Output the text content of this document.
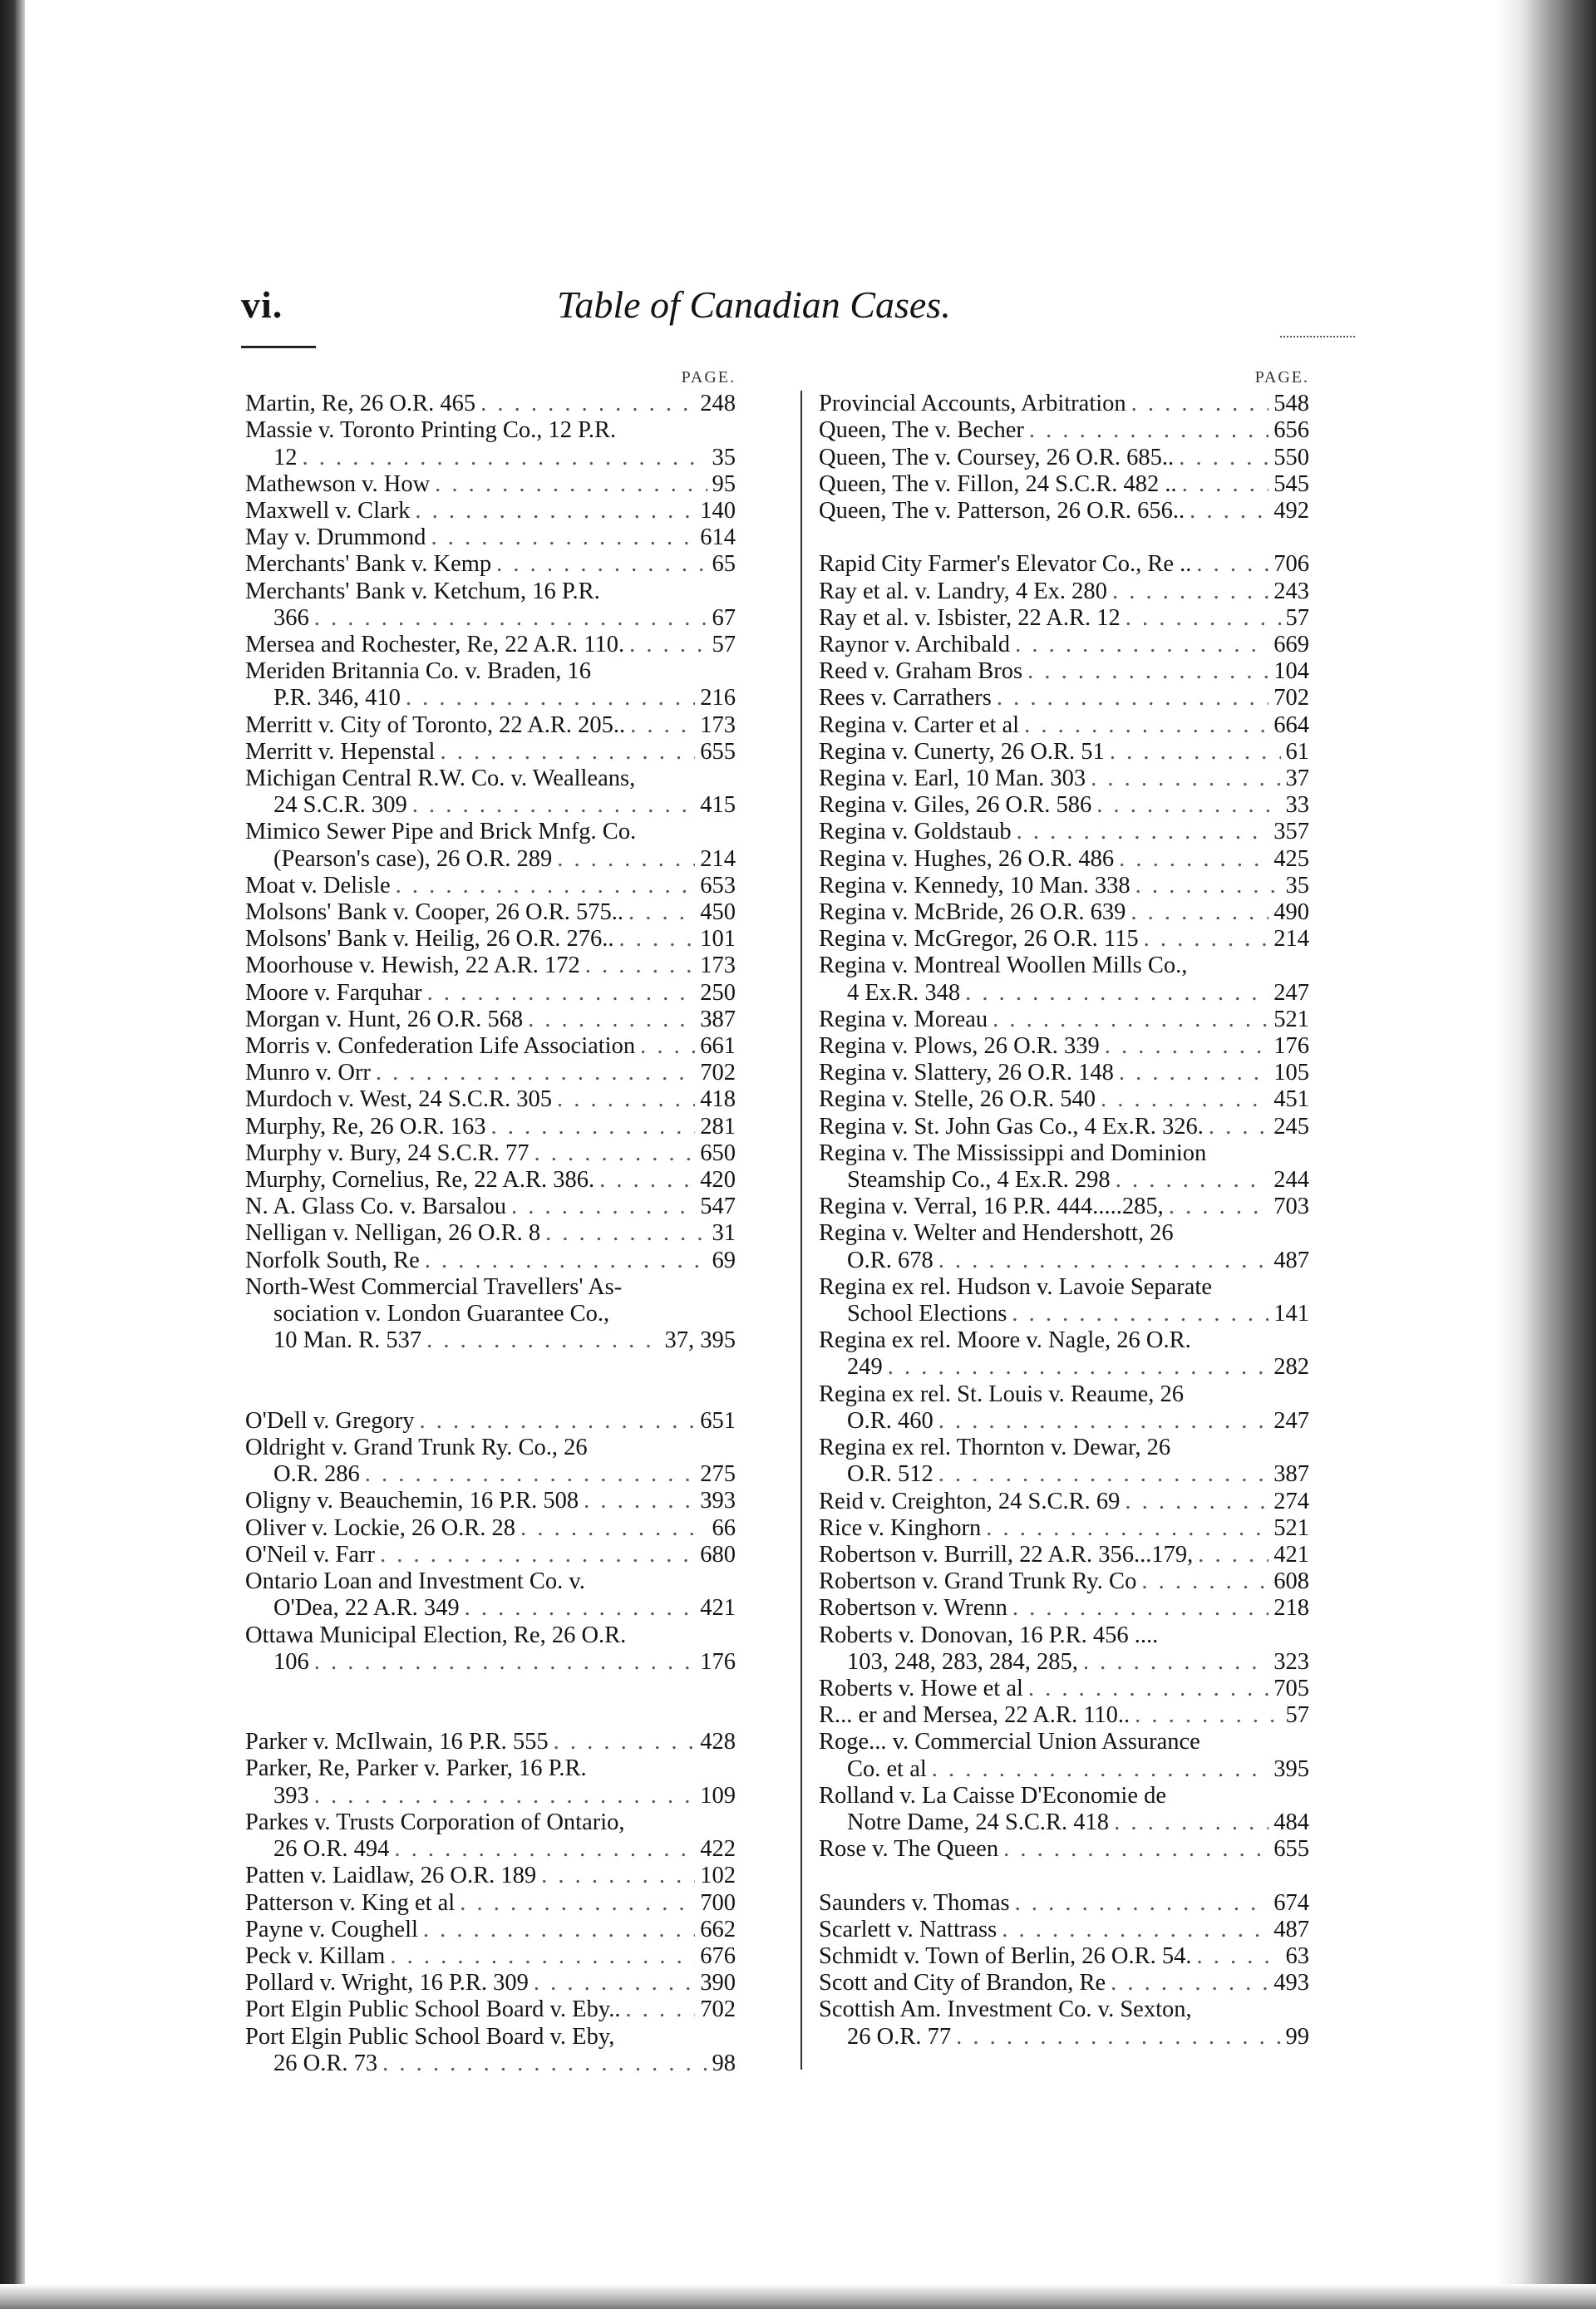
vi.	Table of Canadian Cases.
PAGE.
Martin, Re, 26 O.R. 465 . . .	248
Massie v. Toronto Printing Co., 12 P.R.
12 . . .	35
Mathewson v. How . . .	95
Maxwell v. Clark . . .	140
May v. Drummond . . .	614
Merchants' Bank v. Kemp . . .	65
Merchants' Bank v. Ketchum, 16 P.R.
366 . . .	67
Mersea and Rochester, Re, 22 A.R. 110. . . .	57
Meriden Britannia Co. v. Braden, 16
P.R. 346, 410 . . .	216
Merritt v. City of Toronto, 22 A.R. 205.. . . .	173
Merritt v. Hepenstal . . .	655
Michigan Central R.W. Co. v. Wealleans,
24 S.C.R. 309 . . .	415
Mimico Sewer Pipe and Brick Mnfg. Co.
(Pearson's case), 26 O.R. 289 . . .	214
Moat v. Delisle . . .	653
Molsons' Bank v. Cooper, 26 O.R. 575.. . . .	450
Molsons' Bank v. Heilig, 26 O.R. 276.. . . .	101
Moorhouse v. Hewish, 22 A.R. 172 . . .	173
Moore v. Farquhar . . .	250
Morgan v. Hunt, 26 O.R. 568 . . .	387
Morris v. Confederation Life Association . . .	661
Munro v. Orr . . .	702
Murdoch v. West, 24 S.C.R. 305 . . .	418
Murphy, Re, 26 O.R. 163 . . .	281
Murphy v. Bury, 24 S.C.R. 77 . . .	650
Murphy, Cornelius, Re, 22 A.R. 386. . . .	420
N. A. Glass Co. v. Barsalou . . .	547
Nelligan v. Nelligan, 26 O.R. 8 . . .	31
Norfolk South, Re . . .	69
North-West Commercial Travellers' As-
sociation v. London Guarantee Co.,
10 Man. R. 537 . . .	37, 395
O'Dell v. Gregory . . .	651
Oldright v. Grand Trunk Ry. Co., 26
O.R. 286 . . .	275
Oligny v. Beauchemin, 16 P.R. 508 . . .	393
Oliver v. Lockie, 26 O.R. 28 . . .	66
O'Neil v. Farr . . .	680
Ontario Loan and Investment Co. v.
O'Dea, 22 A.R. 349 . . .	421
Ottawa Municipal Election, Re, 26 O.R.
106 . . .	176
Parker v. McIlwain, 16 P.R. 555 . . .	428
Parker, Re, Parker v. Parker, 16 P.R.
393 . . .	109
Parkes v. Trusts Corporation of Ontario,
26 O.R. 494 . . .	422
Patten v. Laidlaw, 26 O.R. 189 . . .	102
Patterson v. King et al . . .	700
Payne v. Coughell . . .	662
Peck v. Killam . . .	676
Pollard v. Wright, 16 P.R. 309 . . .	390
Port Elgin Public School Board v. Eby.. . . .	702
Port Elgin Public School Board v. Eby,
26 O.R. 73 . . .	98
PAGE.
Provincial Accounts, Arbitration . . .	548
Queen, The v. Becher . . .	656
Queen, The v. Coursey, 26 O.R. 685.. . . .	550
Queen, The v. Fillon, 24 S.C.R. 482 .. . . .	545
Queen, The v. Patterson, 26 O.R. 656.. . . .	492
Rapid City Farmer's Elevator Co., Re .. . . .	706
Ray et al. v. Landry, 4 Ex. 280 . . .	243
Ray et al. v. Isbister, 22 A.R. 12 . . .	57
Raynor v. Archibald . . .	669
Reed v. Graham Bros . . .	104
Rees v. Carrathers . . .	702
Regina v. Carter et al . . .	664
Regina v. Cunerty, 26 O.R. 51 . . .	61
Regina v. Earl, 10 Man. 303 . . .	37
Regina v. Giles, 26 O.R. 586 . . .	33
Regina v. Goldstaub . . .	357
Regina v. Hughes, 26 O.R. 486 . . .	425
Regina v. Kennedy, 10 Man. 338 . . .	35
Regina v. McBride, 26 O.R. 639 . . .	490
Regina v. McGregor, 26 O.R. 115 . . .	214
Regina v. Montreal Woollen Mills Co.,
4 Ex.R. 348 . . .	247
Regina v. Moreau . . .	521
Regina v. Plows, 26 O.R. 339 . . .	176
Regina v. Slattery, 26 O.R. 148 . . .	105
Regina v. Stelle, 26 O.R. 540 . . .	451
Regina v. St. John Gas Co., 4 Ex.R. 326. . . .	245
Regina v. The Mississippi and Dominion
Steamship Co., 4 Ex.R. 298 . . .	244
Regina v. Verral, 16 P.R. 444.....285, . . .	703
Regina v. Welter and Hendershott, 26
O.R. 678 . . .	487
Regina ex rel. Hudson v. Lavoie Separate
School Elections . . .	141
Regina ex rel. Moore v. Nagle, 26 O.R.
249 . . .	282
Regina ex rel. St. Louis v. Reaume, 26
O.R. 460 . . .	247
Regina ex rel. Thornton v. Dewar, 26
O.R. 512 . . .	387
Reid v. Creighton, 24 S.C.R. 69 . . .	274
Rice v. Kinghorn . . .	521
Robertson v. Burrill, 22 A.R. 356...179, . . .	421
Robertson v. Grand Trunk Ry. Co . . .	608
Robertson v. Wrenn . . .	218
Roberts v. Donovan, 16 P.R. 456 ....
103, 248, 283, 284, 285, . . .	323
Roberts v. Howe et al . . .	705
R... er and Mersea, 22 A.R. 110.. . . .	57
Roge... v. Commercial Union Assurance
Co. et al . . .	395
Rolland v. La Caisse D'Economie de
Notre Dame, 24 S.C.R. 418 . . .	484
Rose v. The Queen . . .	655
Saunders v. Thomas . . .	674
Scarlett v. Nattrass . . .	487
Schmidt v. Town of Berlin, 26 O.R. 54. . . .	63
Scott and City of Brandon, Re . . .	493
Scottish Am. Investment Co. v. Sexton,
26 O.R. 77 . . .	99
